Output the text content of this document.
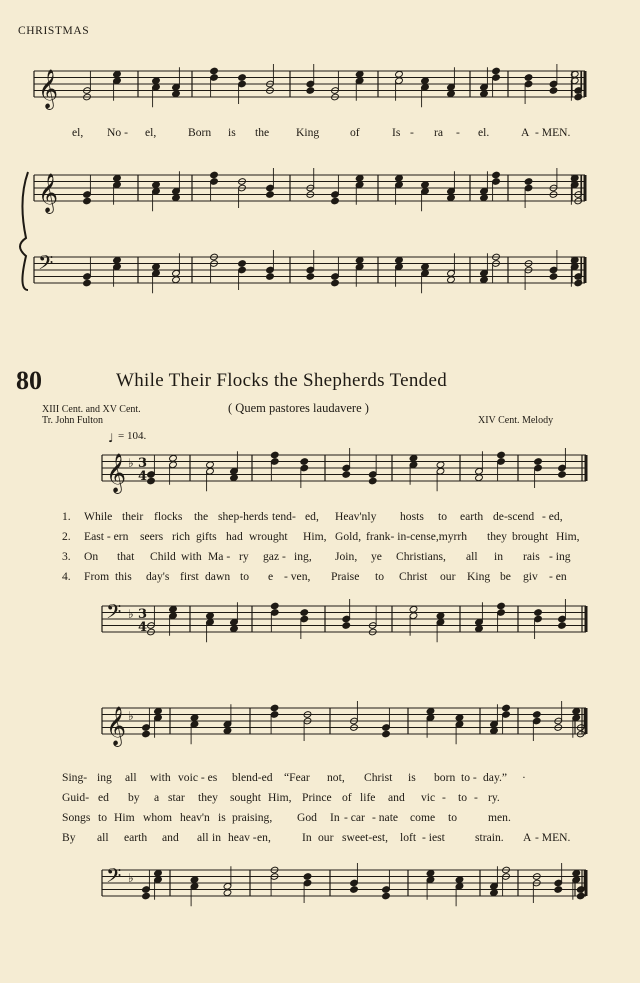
𝄞
𝄞
𝄢
𝄞
𝄢
𝄞
𝄢
♩
3
4
3
4
♭
♭
♭
♭
CHRISTMAS
80	While Their Flocks the Shepherds Tended
( Quem pastores laudavere )
XIII Cent. and XV Cent.
Tr. John Fulton	XIV Cent. Melody
= 104.
el, No - el,	Born is the King	of	Is - ra - el.	A - MEN.
1. While their flocks the shep-herds tend- ed, Heav'nly hosts to earth de-scend - ed,
2. East - ern seers rich gifts had wrought Him, Gold, frank- in-cense,myrrh they brought Him,
3. On that Child with Ma - ry gaz - ing, Join, ye Christians, all in rais - ing
4. From this day's first dawn to e - ven, Praise to Christ our King be giv - en
Sing- ing all with voic - es blend-ed “Fear not, Christ is born to - day.” ·
Guid- ed by a star they sought Him, Prince of life and vic - to - ry.
Songs to Him whom heav'n is praising, God In - car - nate come to	men.
By all earth and all in heav - en,	In our sweet-est, loft - iest	strain. A - MEN.
